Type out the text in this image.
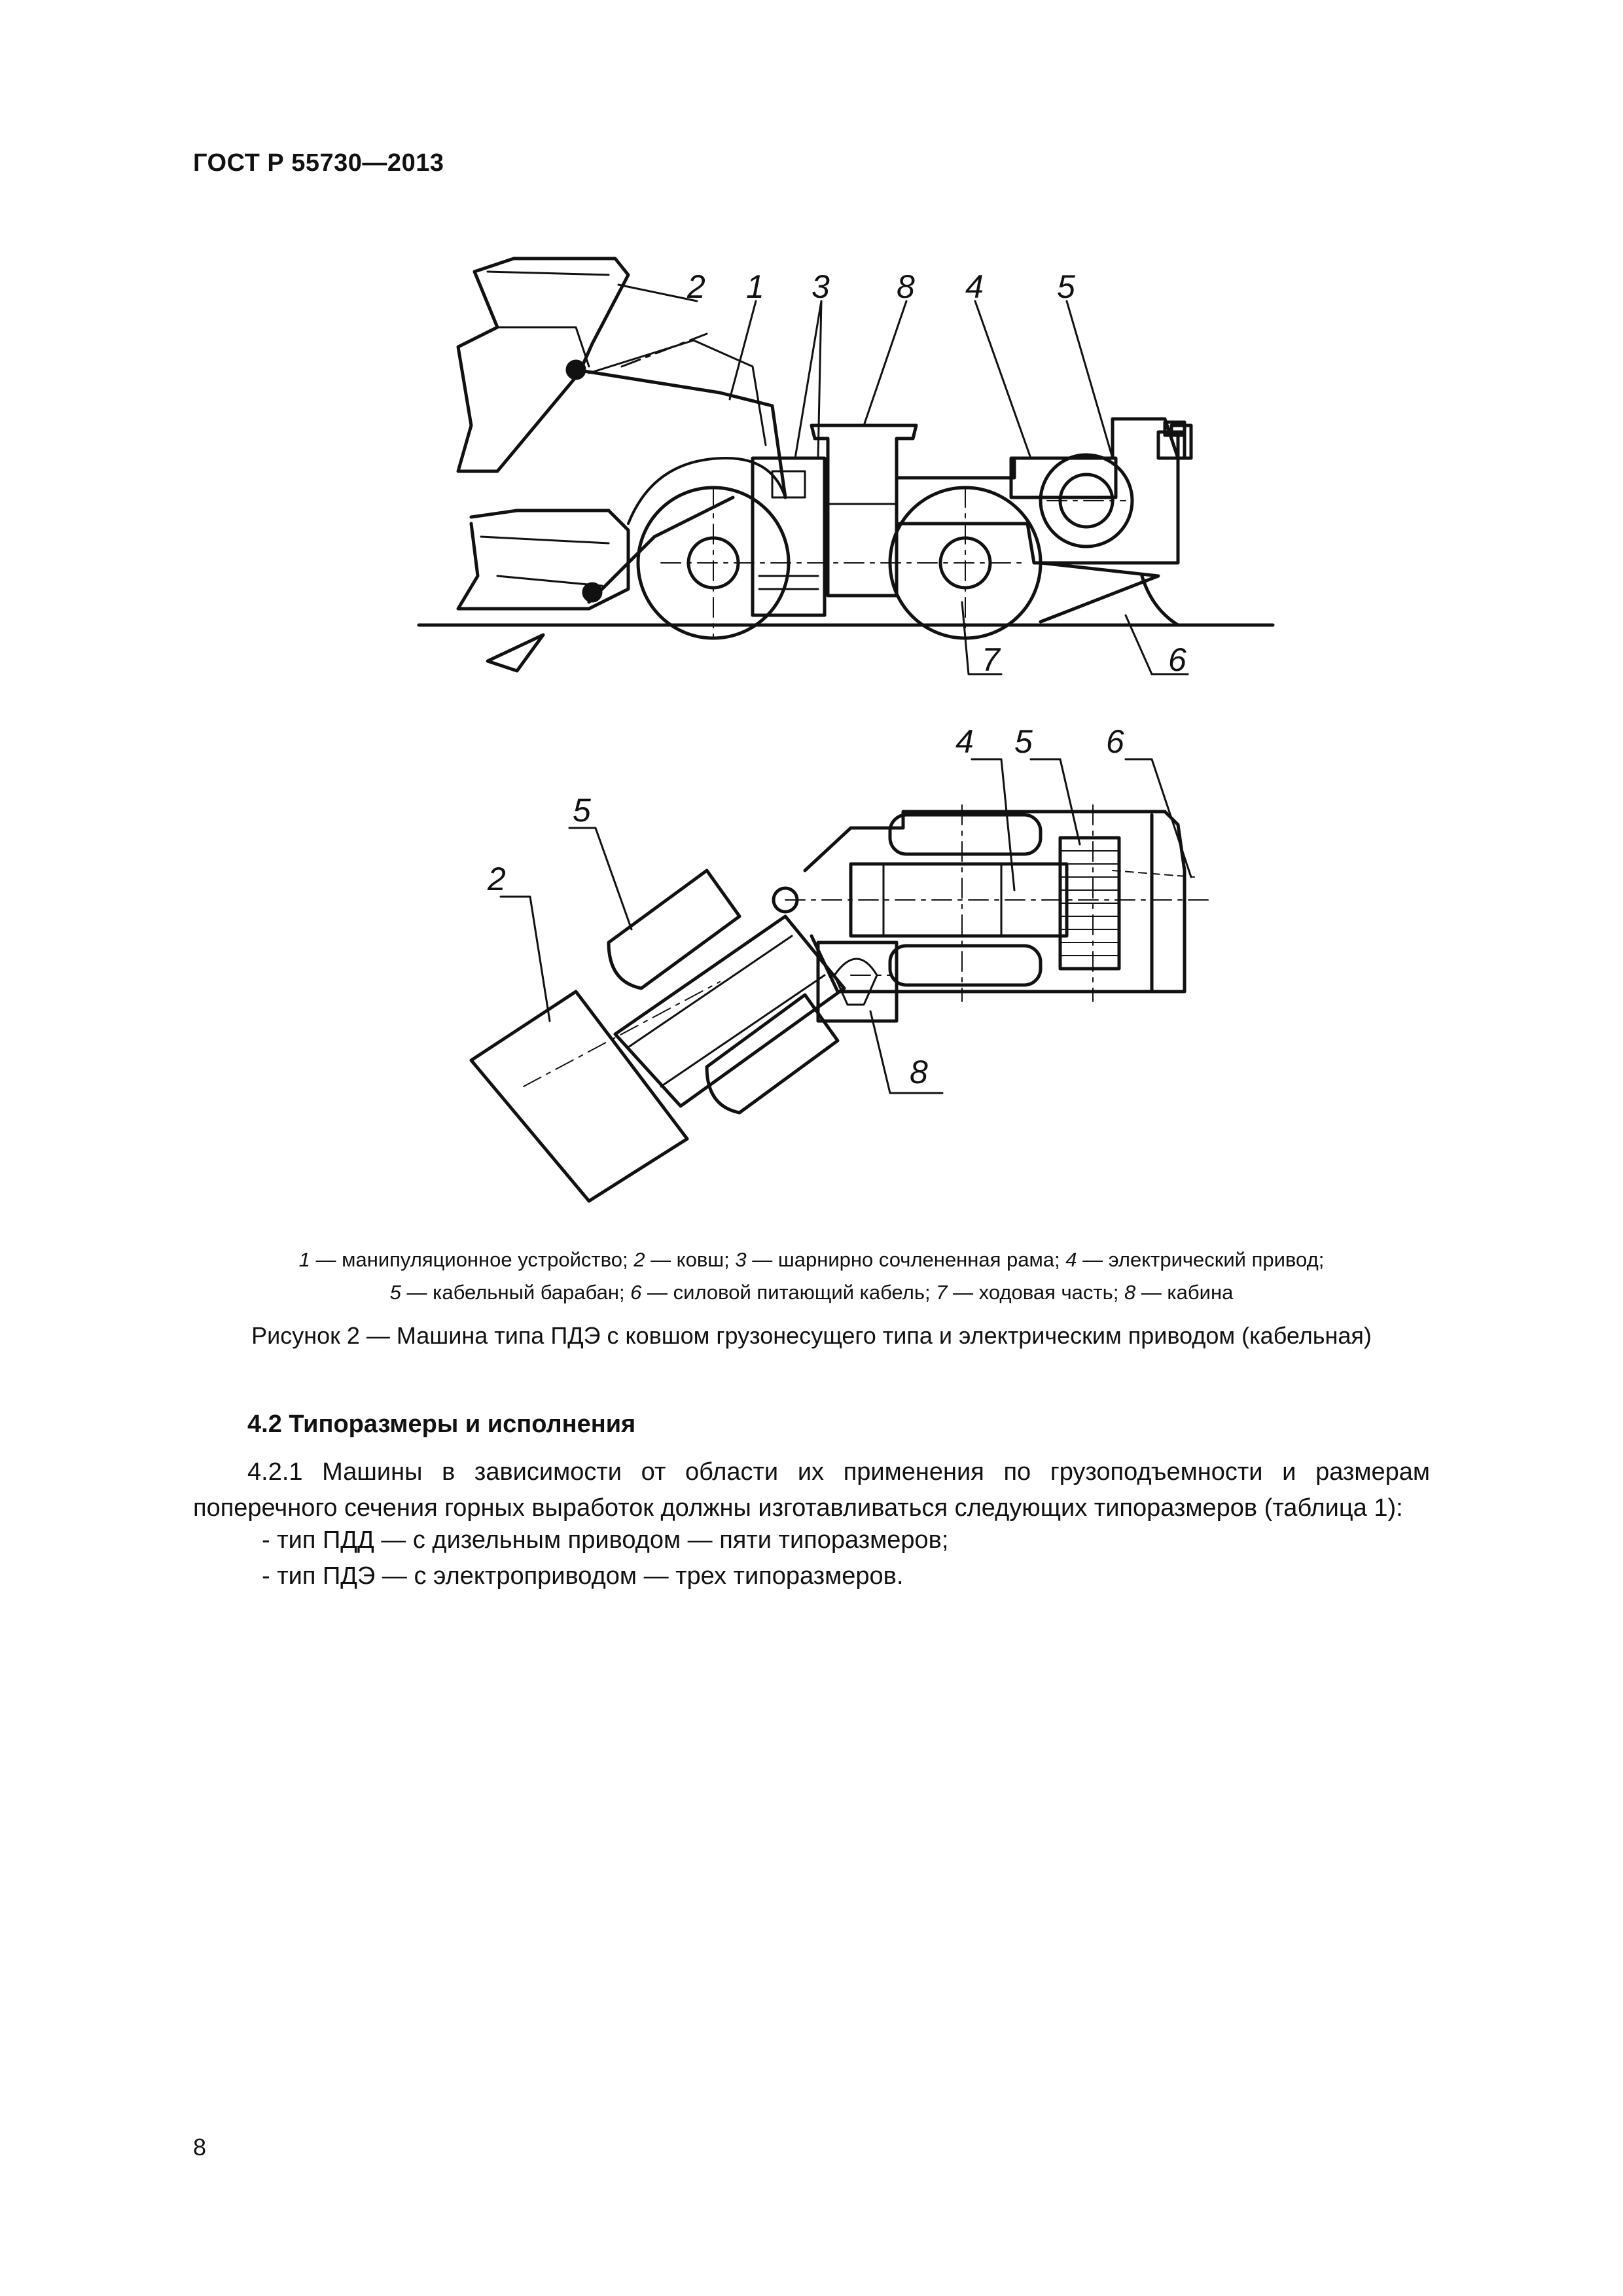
ГОСТ Р 55730—2013
2 1 3 8 4 5
7	6
4 5 6
5
2
8
1 — манипуляционное устройство; 2 — ковш; 3 — шарнирно сочлененная рама; 4 — электрический привод;
5 — кабельный барабан; 6 — силовой питающий кабель; 7 — ходовая часть; 8 — кабина
Рисунок 2 — Машина типа ПДЭ с ковшом грузонесущего типа и электрическим приводом (кабельная)
4.2 Типоразмеры и исполнения
4.2.1 Машины в зависимости от области их применения по грузоподъемности и размерам поперечного сечения горных выработок должны изготавливаться следующих типоразмеров (таблица 1):
- тип ПДД — с дизельным приводом — пяти типоразмеров;
- тип ПДЭ — с электроприводом — трех типоразмеров.
8
